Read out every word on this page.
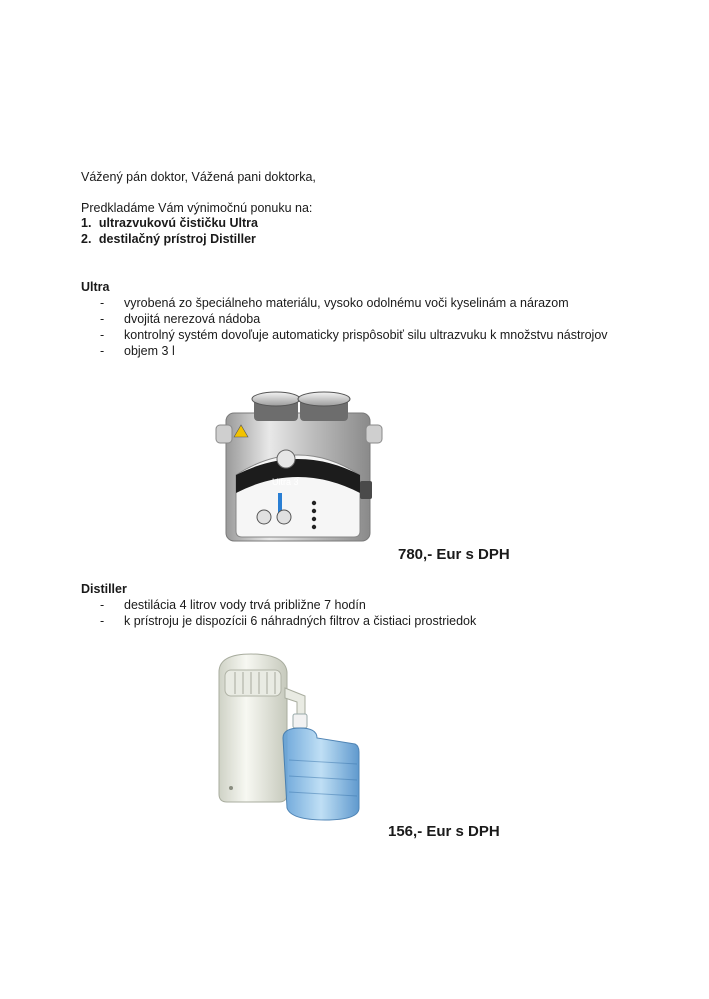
Vážený pán doktor, Vážená pani doktorka,
Predkladáme Vám výnimočnú ponuku na:
1. ultrazvukovú čističku Ultra
2. destilačný prístroj Distiller
Ultra
- vyrobená zo špeciálneho materiálu, vysoko odolnému voči kyselinám a nárazom
- dvojitá nerezová nádoba
- kontrolný systém dovoľuje automaticky prispôsobiť silu ultrazvuku k množstvu nástrojov
- objem 3 l
Ultra 3
780,- Eur s DPH
Distiller
- destilácia 4 litrov vody trvá približne 7 hodín
- k prístroju je dispozícii 6 náhradných filtrov a čistiaci prostriedok
156,- Eur s DPH
